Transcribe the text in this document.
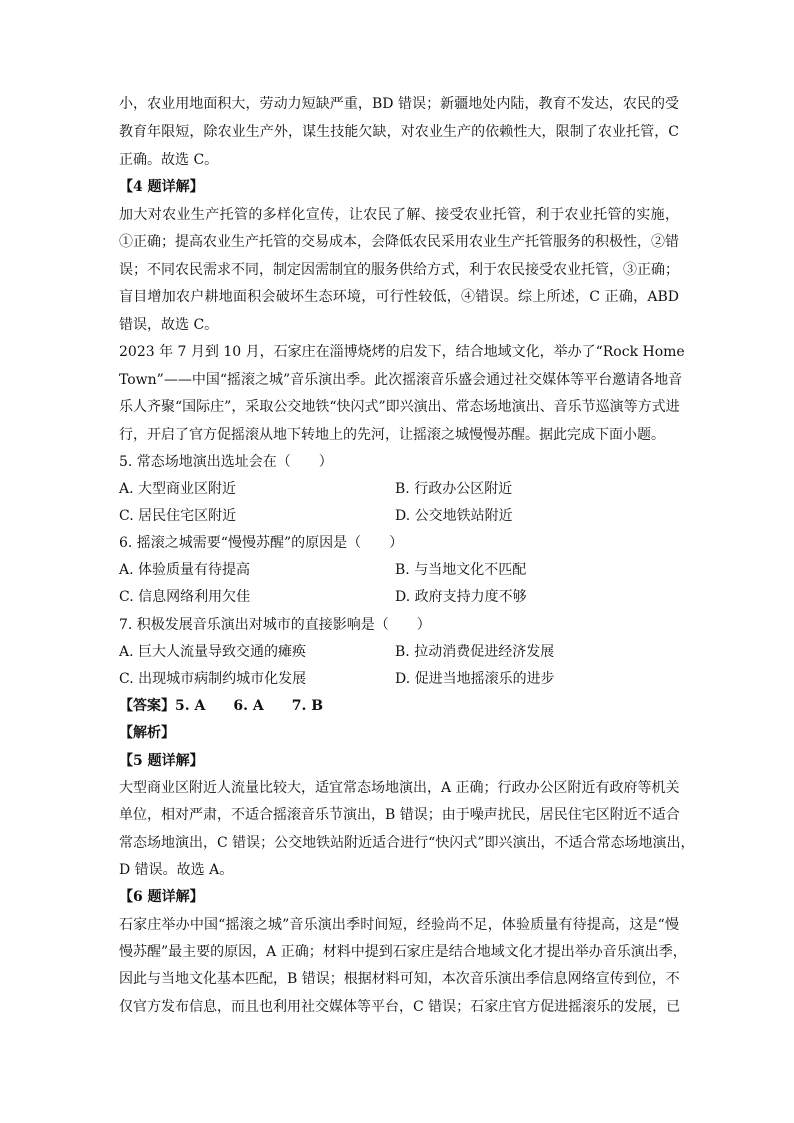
小，农业用地面积大，劳动力短缺严重，BD 错误；新疆地处内陆，教育不发达，农民的受
教育年限短，除农业生产外，谋生技能欠缺，对农业生产的依赖性大，限制了农业托管，C
正确。故选 C。
【4 题详解】
加大对农业生产托管的多样化宣传，让农民了解、接受农业托管，利于农业托管的实施，
①正确；提高农业生产托管的交易成本，会降低农民采用农业生产托管服务的积极性，②错
误；不同农民需求不同，制定因需制宜的服务供给方式，利于农民接受农业托管，③正确；
盲目增加农户耕地面积会破坏生态环境，可行性较低，④错误。综上所述，C 正确，ABD
错误，故选 C。
2023 年 7 月到 10 月，石家庄在淄博烧烤的启发下，结合地域文化，举办了“Rock Home
Town”——中国“摇滚之城”音乐演出季。此次摇滚音乐盛会通过社交媒体等平台邀请各地音
乐人齐聚“国际庄”，采取公交地铁“快闪式”即兴演出、常态场地演出、音乐节巡演等方式进
行，开启了官方促摇滚从地下转地上的先河，让摇滚之城慢慢苏醒。据此完成下面小题。
5. 常态场地演出选址会在（　　）
A. 大型商业区附近	B. 行政办公区附近
C. 居民住宅区附近	D. 公交地铁站附近
6. 摇滚之城需要“慢慢苏醒”的原因是（　　）
A. 体验质量有待提高	B. 与当地文化不匹配
C. 信息网络利用欠佳	D. 政府支持力度不够
7. 积极发展音乐演出对城市的直接影响是（　　）
A. 巨大人流量导致交通的瘫痪	B. 拉动消费促进经济发展
C. 出现城市病制约城市化发展	D. 促进当地摇滚乐的进步
【答案】5. A　　6. A　　7. B
【解析】
【5 题详解】
大型商业区附近人流量比较大，适宜常态场地演出，A 正确；行政办公区附近有政府等机关
单位，相对严肃，不适合摇滚音乐节演出，B 错误；由于噪声扰民，居民住宅区附近不适合
常态场地演出，C 错误；公交地铁站附近适合进行“快闪式”即兴演出，不适合常态场地演出，
D 错误。故选 A。
【6 题详解】
石家庄举办中国“摇滚之城”音乐演出季时间短，经验尚不足，体验质量有待提高，这是“慢
慢苏醒”最主要的原因，A 正确；材料中提到石家庄是结合地域文化才提出举办音乐演出季，
因此与当地文化基本匹配，B 错误；根据材料可知，本次音乐演出季信息网络宣传到位，不
仅官方发布信息，而且也利用社交媒体等平台，C 错误；石家庄官方促进摇滚乐的发展，已
